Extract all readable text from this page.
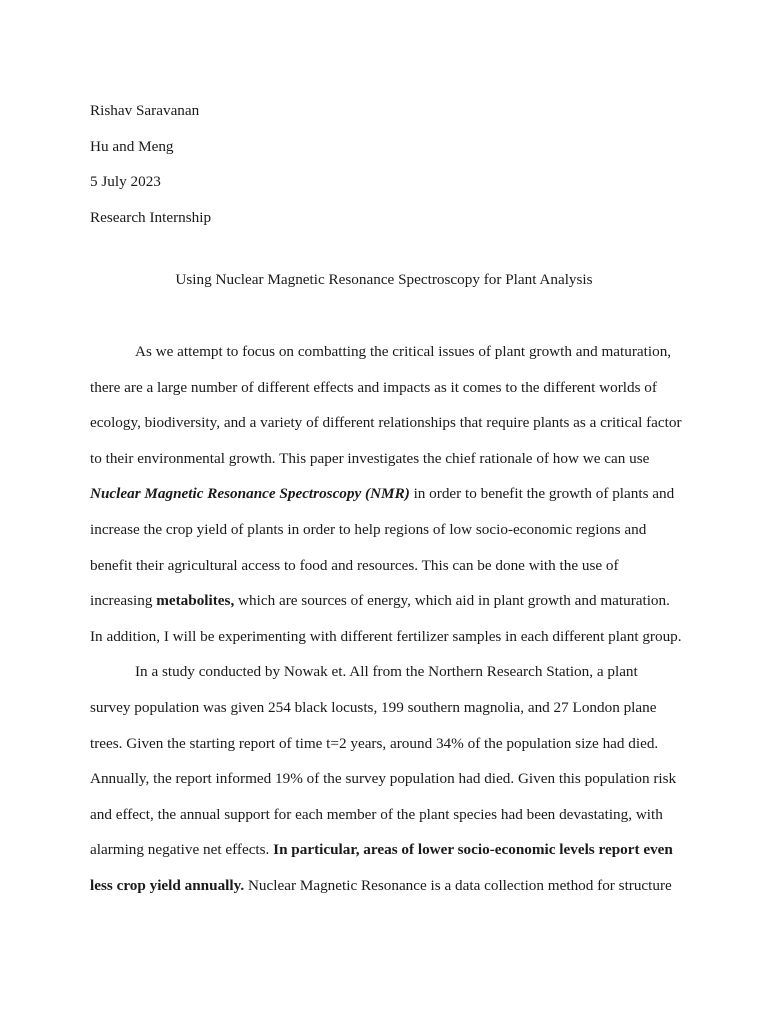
Rishav Saravanan
Hu and Meng
5 July 2023
Research Internship
Using Nuclear Magnetic Resonance Spectroscopy for Plant Analysis
As we attempt to focus on combatting the critical issues of plant growth and maturation,
there are a large number of different effects and impacts as it comes to the different worlds of
ecology, biodiversity, and a variety of different relationships that require plants as a critical factor
to their environmental growth. This paper investigates the chief rationale of how we can use
Nuclear Magnetic Resonance Spectroscopy (NMR) in order to benefit the growth of plants and
increase the crop yield of plants in order to help regions of low socio-economic regions and
benefit their agricultural access to food and resources. This can be done with the use of
increasing metabolites, which are sources of energy, which aid in plant growth and maturation.
In addition, I will be experimenting with different fertilizer samples in each different plant group.
In a study conducted by Nowak et. All from the Northern Research Station, a plant
survey population was given 254 black locusts, 199 southern magnolia, and 27 London plane
trees. Given the starting report of time t=2 years, around 34% of the population size had died.
Annually, the report informed 19% of the survey population had died. Given this population risk
and effect, the annual support for each member of the plant species had been devastating, with
alarming negative net effects. In particular, areas of lower socio-economic levels report even
less crop yield annually. Nuclear Magnetic Resonance is a data collection method for structure
